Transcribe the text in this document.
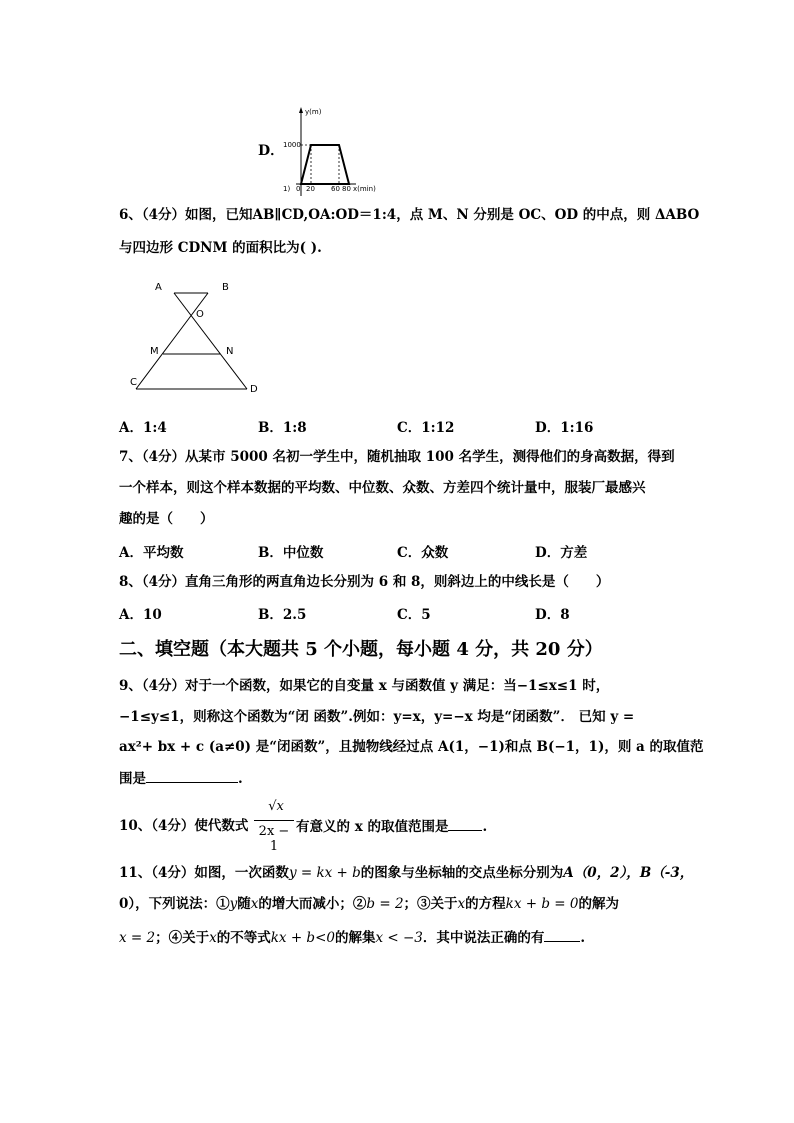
D．
y(m)
1000
1) 0 20 60 80 x(min)
6、（4分）如图，已知AB∥CD,OA:OD＝1:4，点 M、N 分别是 OC、OD 的中点，则 ΔABO
与四边形 CDNM 的面积比为( ).
A	B
O
M	N
C
D
A．1:4	B．1:8	C．1:12	D．1:16
7、（4分）从某市 5000 名初一学生中，随机抽取 100 名学生，测得他们的身高数据，得到
一个样本，则这个样本数据的平均数、中位数、众数、方差四个统计量中，服装厂最感兴
趣的是（　　）
A．平均数	B．中位数	C．众数	D．方差
8、（4分）直角三角形的两直角边长分别为 6 和 8，则斜边上的中线长是（　　）
A．10	B．2.5	C．5	D．8
二、填空题（本大题共 5 个小题，每小题 4 分，共 20 分）
9、（4分）对于一个函数，如果它的自变量 x 与函数值 y 满足：当−1≤x≤1 时，
−1≤y≤1，则称这个函数为“闭 函数”.例如：y=x，y=−x 均是“闭函数”． 已知 y =
ax²+ bx + c (a≠0) 是“闭函数”，且抛物线经过点 A(1，−1)和点 B(−1，1)，则 a 的取值范
围是	.
10、（4分）使代数式
√x
2x − 1
有意义的 x 的取值范围是	.
11、（4分）如图，一次函数y = kx + b的图象与坐标轴的交点坐标分别为A（0，2），B（-3，
0），下列说法：①y随x的增大而减小；②b = 2；③关于x的方程kx + b = 0的解为
x = 2；④关于x的不等式kx + b<0的解集x < −3．其中说法正确的有	.
